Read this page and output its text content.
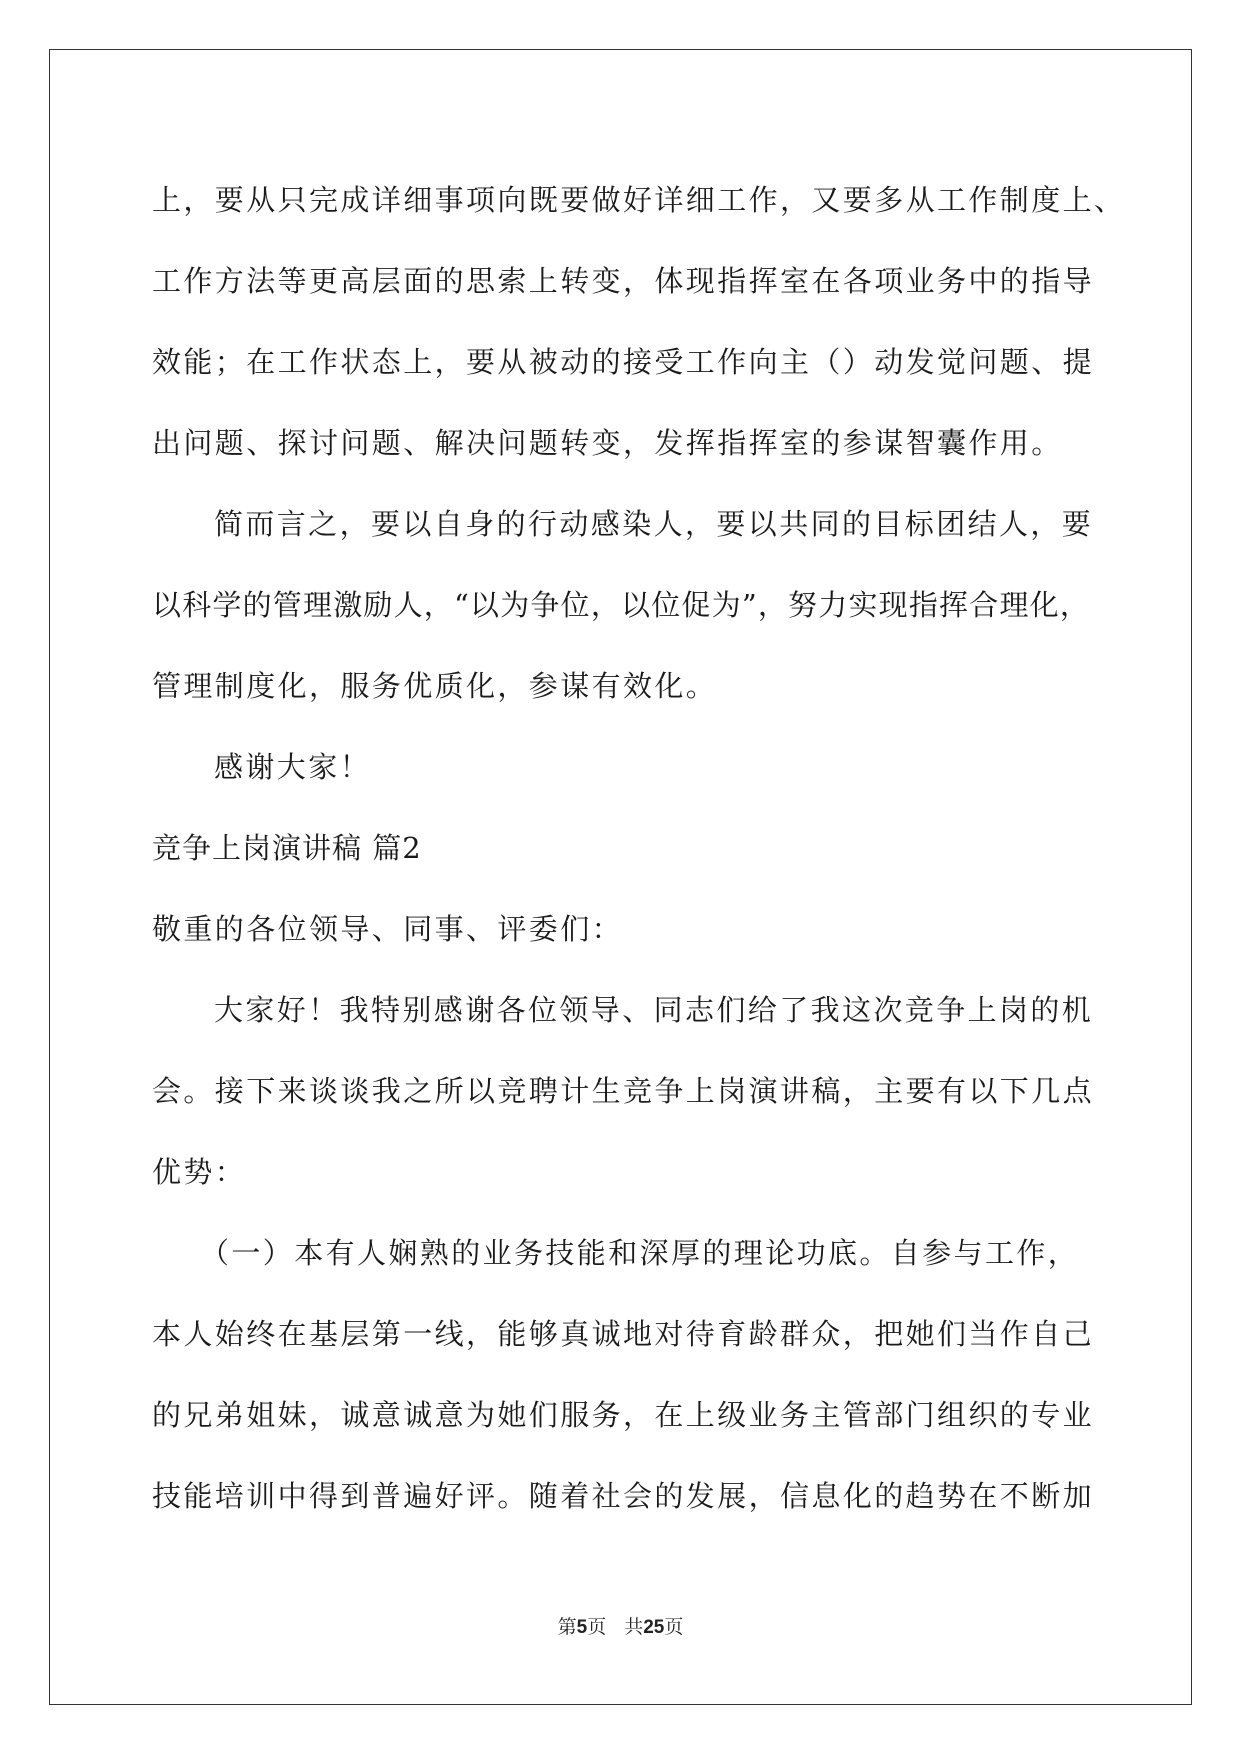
上，要从只完成详细事项向既要做好详细工作，又要多从工作制度上、
工作方法等更高层面的思索上转变，体现指挥室在各项业务中的指导
效能；在工作状态上，要从被动的接受工作向主（）动发觉问题、提
出问题、探讨问题、解决问题转变，发挥指挥室的参谋智囊作用。
简而言之，要以自身的行动感染人，要以共同的目标团结人，要
以科学的管理激励人，“以为争位，以位促为”，努力实现指挥合理化，
管理制度化，服务优质化，参谋有效化。
感谢大家！
竞争上岗演讲稿 篇2
敬重的各位领导、同事、评委们：
大家好！我特别感谢各位领导、同志们给了我这次竞争上岗的机
会。接下来谈谈我之所以竞聘计生竞争上岗演讲稿，主要有以下几点
优势：
（一）本有人娴熟的业务技能和深厚的理论功底。自参与工作，
本人始终在基层第一线，能够真诚地对待育龄群众，把她们当作自己
的兄弟姐妹，诚意诚意为她们服务，在上级业务主管部门组织的专业
技能培训中得到普遍好评。随着社会的发展，信息化的趋势在不断加
第5页 共25页
